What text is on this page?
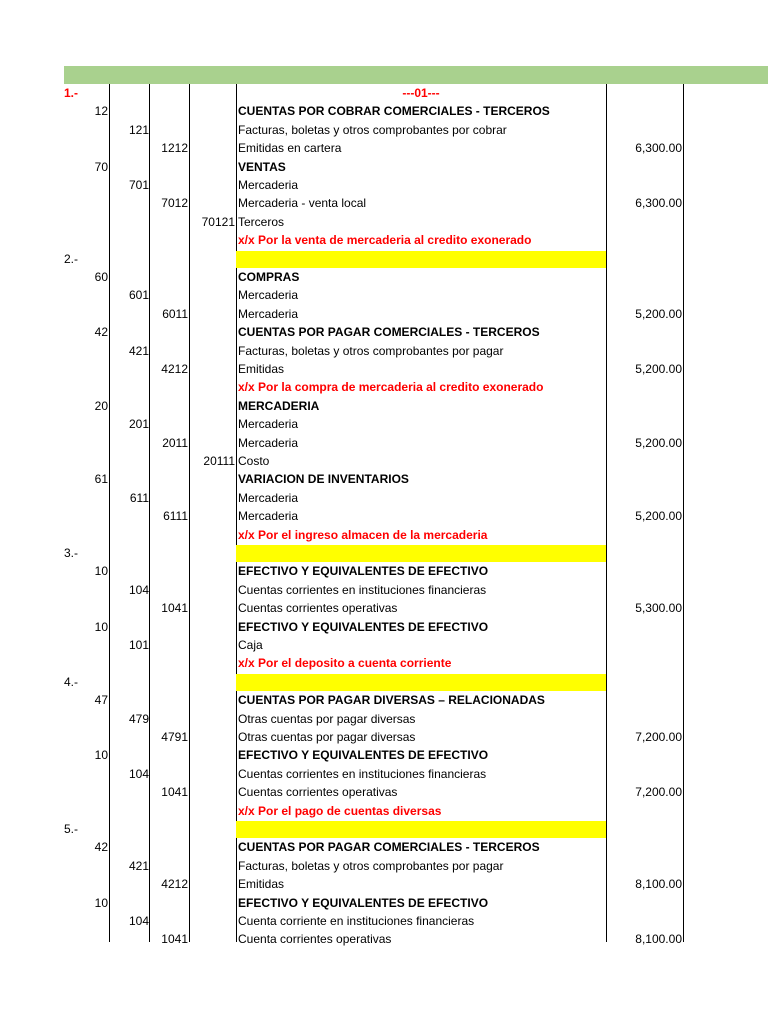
1.-	---01---
12	CUENTAS POR COBRAR COMERCIALES - TERCEROS
121	Facturas, boletas y otros comprobantes por cobrar
1212	Emitidas en cartera	6,300.00
70	VENTAS
701	Mercaderia
7012	Mercaderia - venta local	6,300.00
70121 Terceros
x/x Por la venta de mercaderia al credito exonerado
2.-
60	COMPRAS
601	Mercaderia
6011	Mercaderia	5,200.00
42	CUENTAS POR PAGAR COMERCIALES - TERCEROS
421	Facturas, boletas y otros comprobantes por pagar
4212	Emitidas	5,200.00
x/x Por la compra de mercaderia al credito exonerado
20	MERCADERIA
201	Mercaderia
2011	Mercaderia	5,200.00
20111 Costo
61	VARIACION DE INVENTARIOS
611	Mercaderia
6111	Mercaderia	5,200.00
x/x Por el ingreso almacen de la mercaderia
3.-
10	EFECTIVO Y EQUIVALENTES DE EFECTIVO
104	Cuentas corrientes en instituciones financieras
1041	Cuentas corrientes operativas	5,300.00
10	EFECTIVO Y EQUIVALENTES DE EFECTIVO
101	Caja
x/x Por el deposito a cuenta corriente
4.-
47	CUENTAS POR PAGAR DIVERSAS – RELACIONADAS
479	Otras cuentas por pagar diversas
4791	Otras cuentas por pagar diversas	7,200.00
10	EFECTIVO Y EQUIVALENTES DE EFECTIVO
104	Cuentas corrientes en instituciones financieras
1041	Cuentas corrientes operativas	7,200.00
x/x Por el pago de cuentas diversas
5.-
42	CUENTAS POR PAGAR COMERCIALES - TERCEROS
421	Facturas, boletas y otros comprobantes por pagar
4212	Emitidas	8,100.00
10	EFECTIVO Y EQUIVALENTES DE EFECTIVO
104	Cuenta corriente en instituciones financieras
1041	Cuenta corrientes operativas	8,100.00
